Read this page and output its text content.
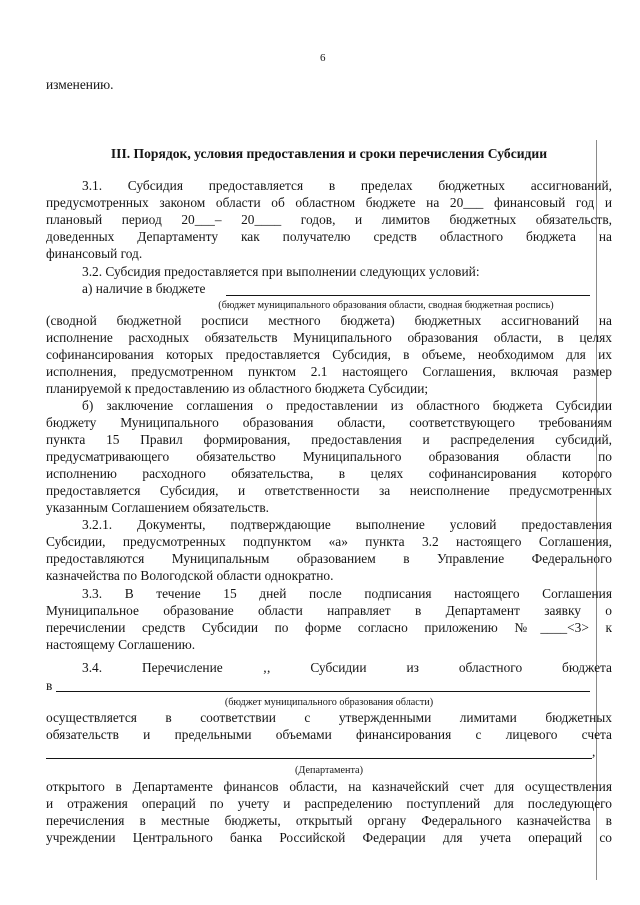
6
изменению.
III. Порядок, условия предоставления и сроки перечисления Субсидии
3.1. Субсидия предоставляется в пределах бюджетных ассигнований,
предусмотренных законом области об областном бюджете на 20___ финансовый год и
плановый период 20___– 20____ годов, и лимитов бюджетных обязательств,
доведенных Департаменту как получателю средств областного бюджета на
финансовый год.
3.2. Субсидия предоставляется при выполнении следующих условий:
а) наличие в бюджете
(бюджет муниципального образования области, сводная бюджетная роспись)
(сводной бюджетной росписи местного бюджета) бюджетных ассигнований на
исполнение расходных обязательств Муниципального образования области, в целях
софинансирования которых предоставляется Субсидия, в объеме, необходимом для их
исполнения, предусмотренном пунктом 2.1 настоящего Соглашения, включая размер
планируемой к предоставлению из областного бюджета Субсидии;
б) заключение соглашения о предоставлении из областного бюджета Субсидии
бюджету Муниципального образования области, соответствующего требованиям
пункта 15 Правил формирования, предоставления и распределения субсидий,
предусматривающего обязательство Муниципального образования области по
исполнению расходного обязательства, в целях софинансирования которого
предоставляется Субсидия, и ответственности за неисполнение предусмотренных
указанным Соглашением обязательств.
3.2.1. Документы, подтверждающие выполнение условий предоставления
Субсидии, предусмотренных подпунктом «а» пункта 3.2 настоящего Соглашения,
предоставляются Муниципальным образованием в Управление Федерального
казначейства по Вологодской области однократно.
3.3. В течение 15 дней после подписания настоящего Соглашения
Муниципальное образование области направляет в Департамент заявку о
перечислении средств Субсидии по форме согласно приложению №____<3> к
настоящему Соглашению.
3.4. Перечисление ‚, Субсидии из областного бюджета
в
(бюджет муниципального образования области)
осуществляется в соответствии с утвержденными лимитами бюджетных
обязательств и предельными объемами финансирования с лицевого счета
,
(Департамента)
открытого в Департаменте финансов области, на казначейский счет для осуществления
и отражения операций по учету и распределению поступлений для последующего
перечисления в местные бюджеты, открытый органу Федерального казначейства в
учреждении Центрального банка Российской Федерации для учета операций со
